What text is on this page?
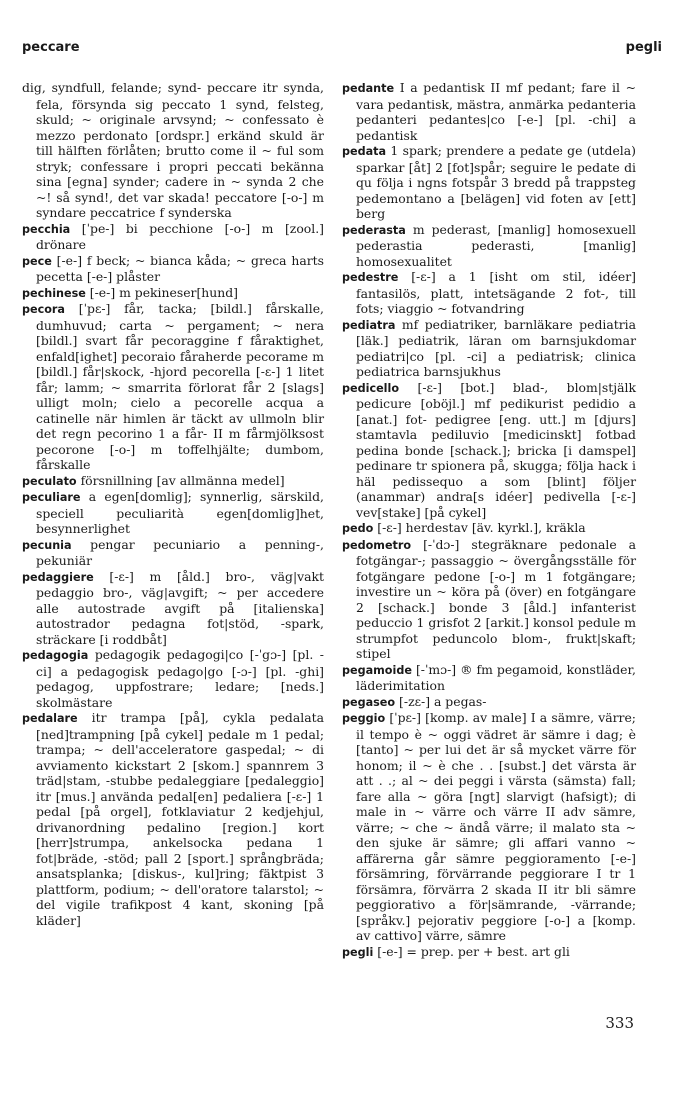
peccare	pegli

dig, syndfull, felande; synd- peccare itr synda, fela, försynda sig peccato 1 synd, felsteg, skuld; ~ originale arvsynd; ~ confessato è mezzo perdonato [ordspr.] erkänd skuld är till hälften förlåten; brutto come il ~ ful som stryk; confessare i propri peccati bekänna sina [egna] synder; cadere in ~ synda 2 che ~! så synd!, det var skada! peccatore [-o-] m syndare peccatrice f synderska

pecchia [ˈpe-] bi pecchione [-o-] m [zool.] drönare

pece [-e-] f beck; ~ bianca kåda; ~ greca harts pecetta [-e-] plåster

pechinese [-e-] m pekineser[hund]

pecora [ˈpɛ-] får, tacka; [bildl.] fårskalle, dumhuvud; carta ~ pergament; ~ nera [bildl.] svart får pecoraggine f fåraktighet, enfald[ighet] pecoraio fåraherde pecorame m [bildl.] får|skock, -hjord pecorella [-ɛ-] 1 litet får; lamm; ~ smarrita förlorat får 2 [slags] ulligt moln; cielo a pecorelle acqua a catinelle när himlen är täckt av ullmoln blir det regn pecorino 1 a får- II m fårmjölksost pecorone [-o-] m toffelhjälte; dumbom, fårskalle

peculato försnillning [av allmänna medel]

peculiare a egen[domlig]; synnerlig, särskild, speciell peculiarità egen[domlig]het, besynnerlighet

pecunia pengar pecuniario a penning-, pekuniär

pedaggiere [-ɛ-] m [åld.] bro-, väg|vakt pedaggio bro-, väg|avgift; ~ per accedere alle autostrade avgift på [italienska] autostrador pedagna fot|stöd, -spark, sträckare [i roddbåt]

pedagogia pedagogik pedagogi|co [-ˈgɔ-] [pl. -ci] a pedagogisk pedago|go [-ɔ-] [pl. -ghi] pedagog, uppfostrare; ledare; [neds.] skolmästare

pedalare itr trampa [på], cykla pedalata [ned]trampning [på cykel] pedale m 1 pedal; trampa; ~ dell'acceleratore gaspedal; ~ di avviamento kickstart 2 [skom.] spannrem 3 träd|stam, -stubbe pedaleggiare [pedaleggio] itr [mus.] använda pedal[en] pedaliera [-ɛ-] 1 pedal [på orgel], fotklaviatur 2 kedjehjul, drivanordning pedalino [region.] kort [herr]strumpa, ankelsocka pedana 1 fot|bräde, -stöd; pall 2 [sport.] språngbräda; ansatsplanka; [diskus-, kul]ring; fäktpist 3 plattform, podium; ~ dell'oratore talarstol; ~ del vigile trafikpost 4 kant, skoning [på kläder]

pedante I a pedantisk II mf pedant; fare il ~ vara pedantisk, mästra, anmärka pedanteria pedanteri pedantes|co [-e-] [pl. -chi] a pedantisk

pedata 1 spark; prendere a pedate ge (utdela) sparkar [åt] 2 [fot]spår; seguire le pedate di qu följa i ngns fotspår 3 bredd på trappsteg pedemontano a [belägen] vid foten av [ett] berg

pederasta m pederast, [manlig] homosexuell pederastia pederasti, [manlig] homosexualitet

pedestre [-ɛ-] a 1 [isht om stil, idéer] fantasilös, platt, intetsägande 2 fot-, till fots; viaggio ~ fotvandring

pediatra mf pediatriker, barnläkare pediatria [läk.] pediatrik, läran om barnsjukdomar pediatri|co [pl. -ci] a pediatrisk; clinica pediatrica barnsjukhus

pedicello [-ɛ-] [bot.] blad-, blom|stjälk pedicure [oböjl.] mf pedikurist pedidio a [anat.] fot- pedigree [eng. utt.] m [djurs] stamtavla pediluvio [medicinskt] fotbad pedina bonde [schack.]; bricka [i damspel] pedinare tr spionera på, skugga; följa hack i häl pedissequo a som [blint] följer (anammar) andra[s idéer] pedivella [-ɛ-] vev[stake] [på cykel]

pedo [-ɛ-] herdestav [äv. kyrkl.], kräkla

pedometro [-ˈdɔ-] stegräknare pedonale a fotgängar-; passaggio ~ övergångsställe för fotgängare pedone [-o-] m 1 fotgängare; investire un ~ köra på (över) en fotgängare 2 [schack.] bonde 3 [åld.] infanterist peduccio 1 grisfot 2 [arkit.] konsol pedule m strumpfot peduncolo blom-, frukt|skaft; stipel

pegamoide [-ˈmɔ-] ® fm pegamoid, konstläder, läderimitation

pegaseo [-zɛ-] a pegas-

peggio [ˈpɛ-] [komp. av male] I a sämre, värre; il tempo è ~ oggi vädret är sämre i dag; è [tanto] ~ per lui det är så mycket värre för honom; il ~ è che . . [subst.] det värsta är att . .; al ~ dei peggi i värsta (sämsta) fall; fare alla ~ göra [ngt] slarvigt (hafsigt); di male in ~ värre och värre II adv sämre, värre; ~ che ~ ändå värre; il malato sta ~ den sjuke är sämre; gli affari vanno ~ affärerna går sämre peggioramento [-e-] försämring, förvärrande peggiorare I tr 1 försämra, förvärra 2 skada II itr bli sämre peggiorativo a för|sämrande, -värrande; [språkv.] pejorativ peggiore [-o-] a [komp. av cattivo] värre, sämre

pegli [-e-] = prep. per + best. art gli

333
